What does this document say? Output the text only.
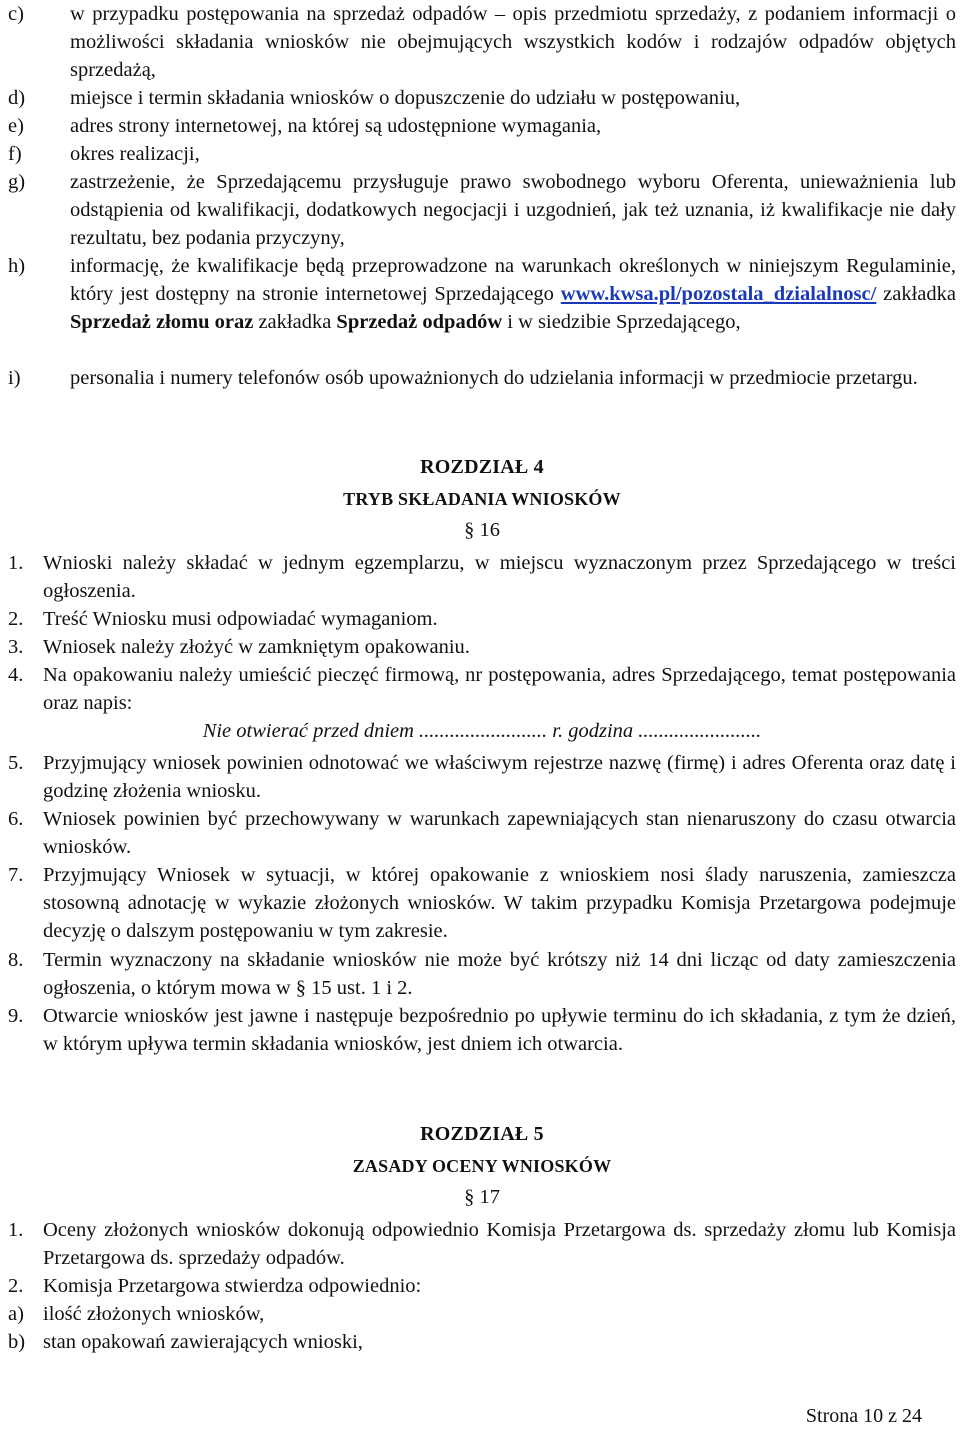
c)	w przypadku postępowania na sprzedaż odpadów – opis przedmiotu sprzedaży, z podaniem informacji o możliwości składania wniosków nie obejmujących wszystkich kodów i rodzajów odpadów objętych sprzedażą,
d)	miejsce i termin składania wniosków o dopuszczenie do udziału w postępowaniu,
e)	adres strony internetowej, na której są udostępnione wymagania,
f)	okres realizacji,
g)	zastrzeżenie, że Sprzedającemu przysługuje prawo swobodnego wyboru Oferenta, unieważnienia lub odstąpienia od kwalifikacji, dodatkowych negocjacji i uzgodnień, jak też uznania, iż kwalifikacje nie dały rezultatu, bez podania przyczyny,
h)	informację, że kwalifikacje będą przeprowadzone na warunkach określonych w niniejszym Regulaminie, który jest dostępny na stronie internetowej Sprzedającego www.kwsa.pl/pozostala_dzialalnosc/ zakładka Sprzedaż złomu oraz zakładka Sprzedaż odpadów i w siedzibie Sprzedającego,
i)	personalia i numery telefonów osób upoważnionych do udzielania informacji w przedmiocie przetargu.
ROZDZIAŁ 4
TRYB SKŁADANIA WNIOSKÓW
§ 16
1. Wnioski należy składać w jednym egzemplarzu, w miejscu wyznaczonym przez Sprzedającego w treści ogłoszenia.
2. Treść Wniosku musi odpowiadać wymaganiom.
3. Wniosek należy złożyć w zamkniętym opakowaniu.
4. Na opakowaniu należy umieścić pieczęć firmową, nr postępowania, adres Sprzedającego, temat postępowania oraz napis:
Nie otwierać przed dniem ......................... r. godzina ........................
5. Przyjmujący wniosek powinien odnotować we właściwym rejestrze nazwę (firmę) i adres Oferenta oraz datę i godzinę złożenia wniosku.
6. Wniosek powinien być przechowywany w warunkach zapewniających stan nienaruszony do czasu otwarcia wniosków.
7. Przyjmujący Wniosek w sytuacji, w której opakowanie z wnioskiem nosi ślady naruszenia, zamieszcza stosowną adnotację w wykazie złożonych wniosków. W takim przypadku Komisja Przetargowa podejmuje decyzję o dalszym postępowaniu w tym zakresie.
8. Termin wyznaczony na składanie wniosków nie może być krótszy niż 14 dni licząc od daty zamieszczenia ogłoszenia, o którym mowa w § 15 ust. 1 i 2.
9. Otwarcie wniosków jest jawne i następuje bezpośrednio po upływie terminu do ich składania, z tym że dzień, w którym upływa termin składania wniosków, jest dniem ich otwarcia.
ROZDZIAŁ 5
ZASADY OCENY WNIOSKÓW
§ 17
1. Oceny złożonych wniosków dokonują odpowiednio Komisja Przetargowa ds. sprzedaży złomu lub Komisja Przetargowa ds. sprzedaży odpadów.
2. Komisja Przetargowa stwierdza odpowiednio:
a) ilość złożonych wniosków,
b) stan opakowań zawierających wnioski,
Strona 10 z 24
